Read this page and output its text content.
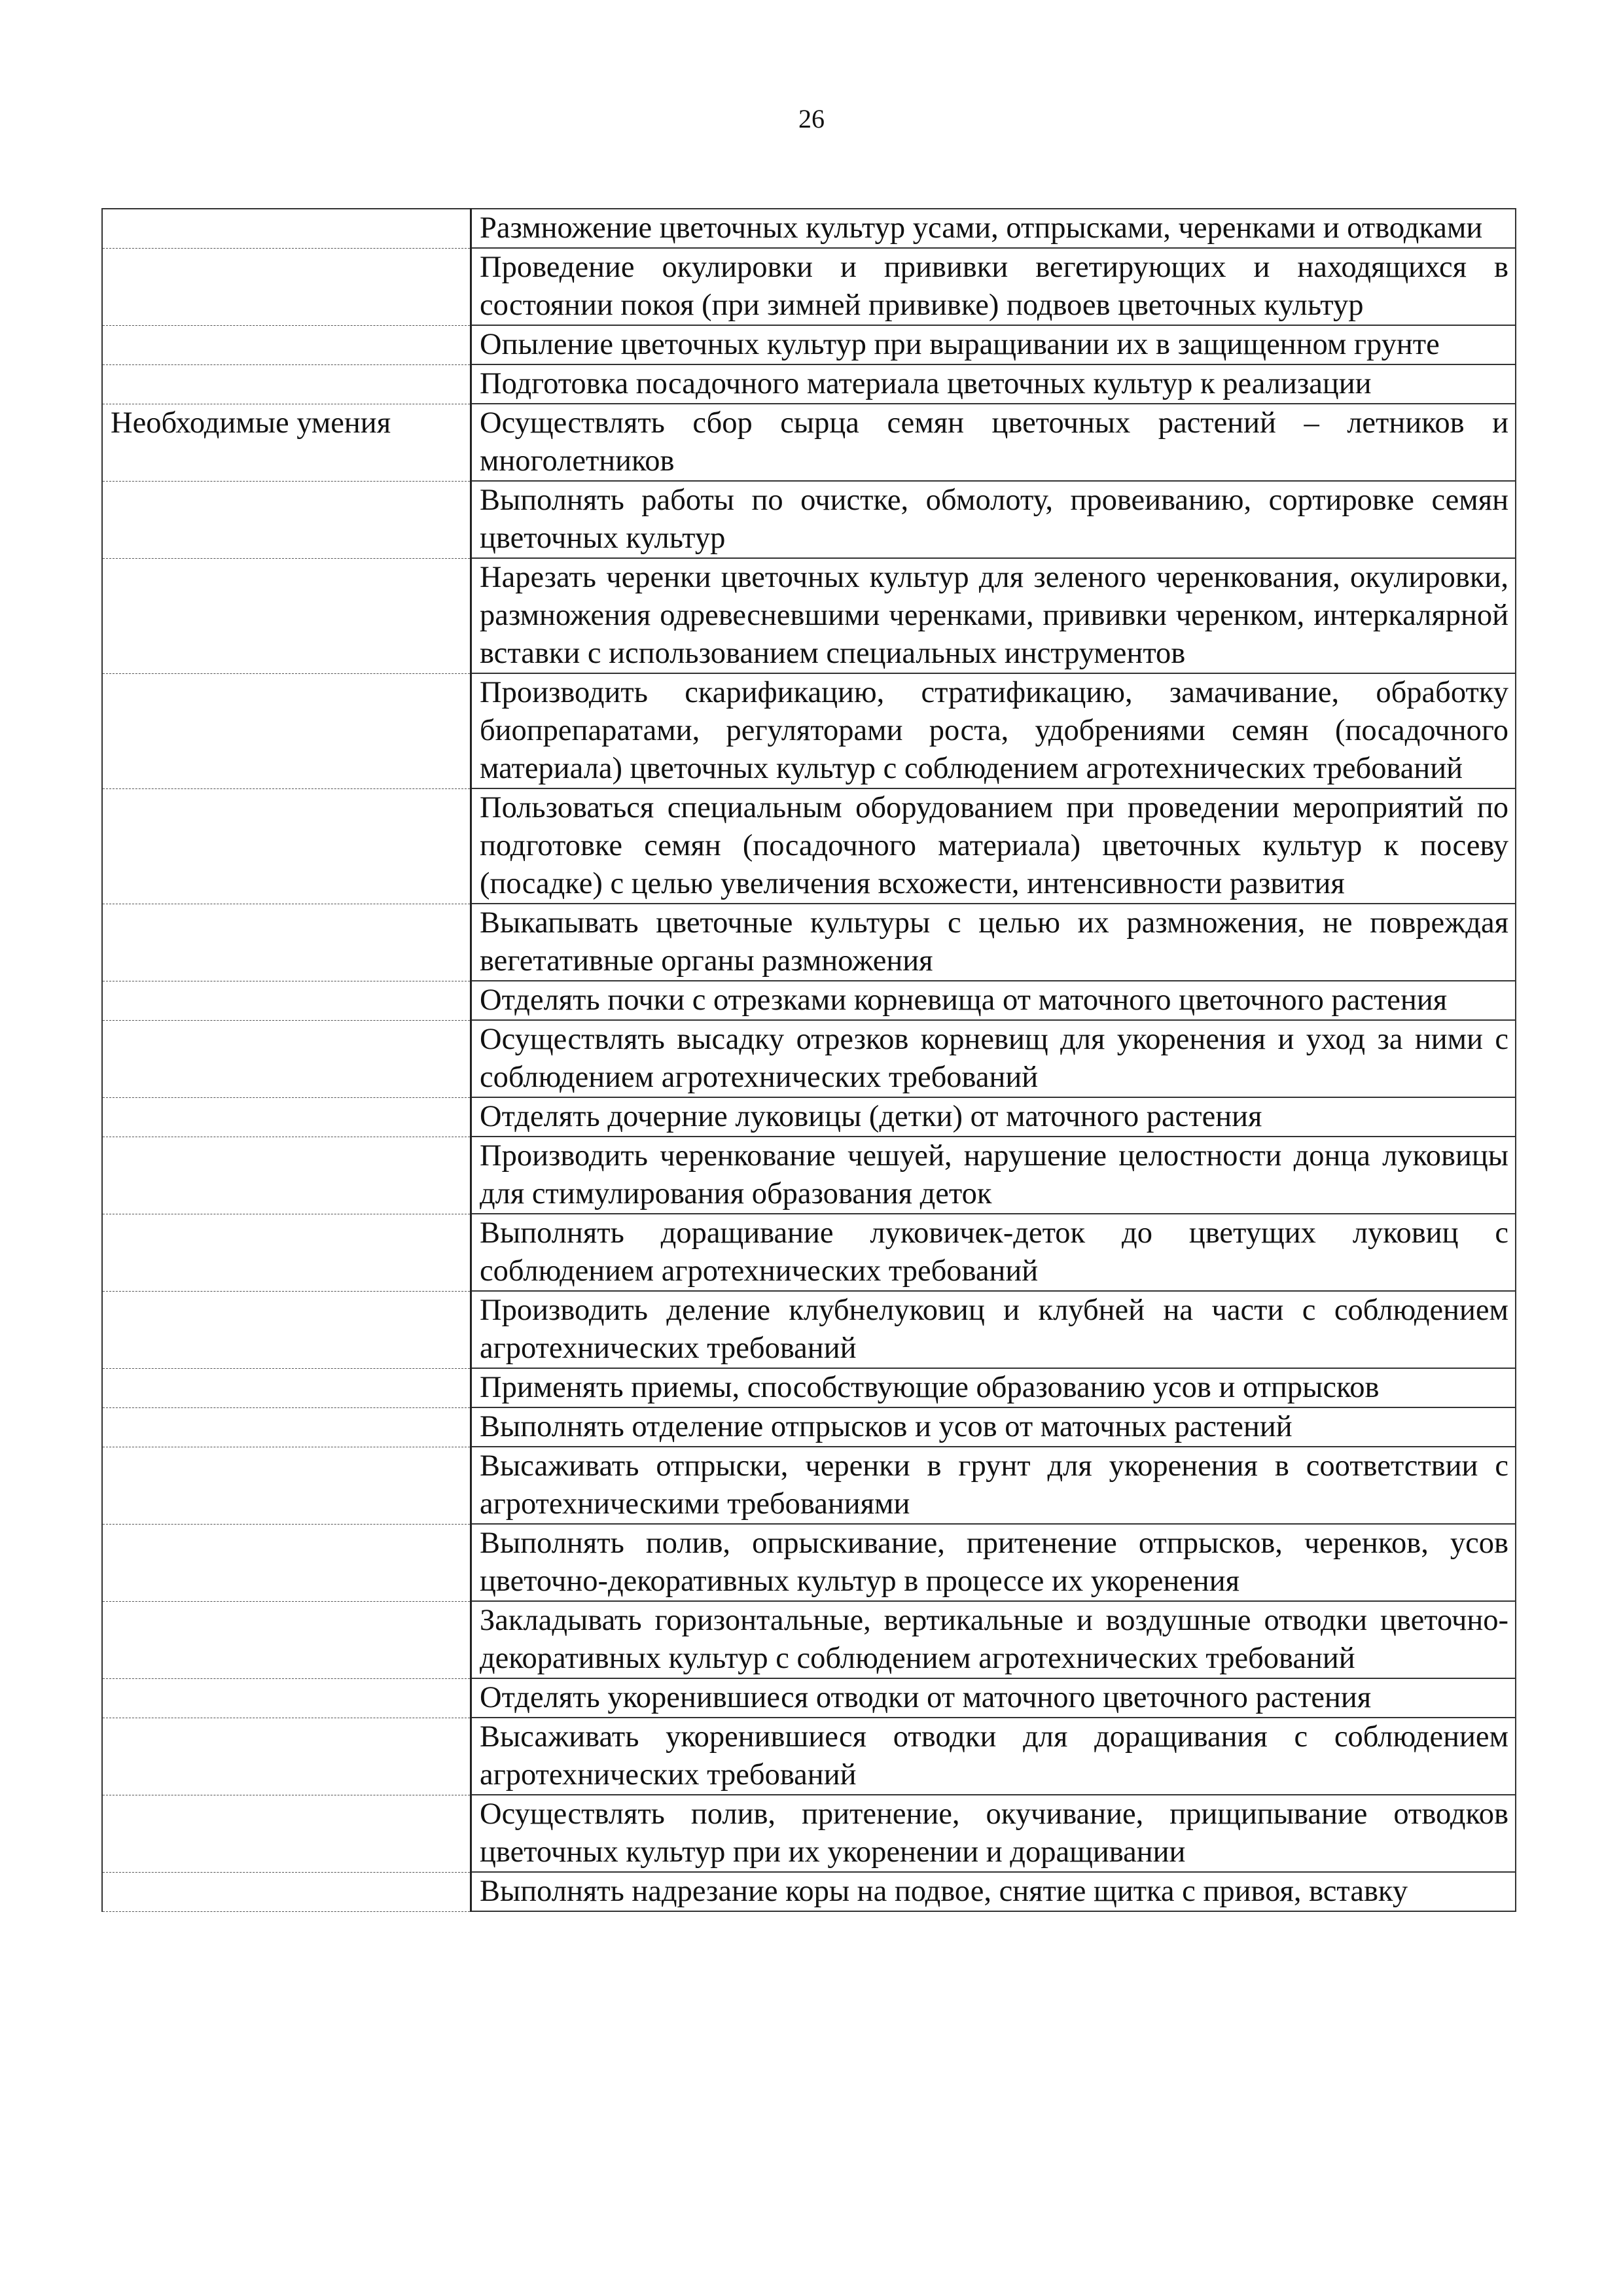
26
	Размножение цветочных культур усами, отпрысками, черенками и отводками

	Проведение окулировки и прививки вегетирующих и находящихся в состоянии покоя (при зимней прививке) подвоев цветочных культур

	Опыление цветочных культур при выращивании их в защищенном грунте

	Подготовка посадочного материала цветочных культур к реализации

Необходимые умения	Осуществлять сбор сырца семян цветочных растений – летников и многолетников

	Выполнять работы по очистке, обмолоту, провеиванию, сортировке семян цветочных культур

	Нарезать черенки цветочных культур для зеленого черенкования, окулировки, размножения одревесневшими черенками, прививки черенком, интеркалярной вставки с использованием специальных инструментов

	Производить скарификацию, стратификацию, замачивание, обработку биопрепаратами, регуляторами роста, удобрениями семян (посадочного материала) цветочных культур с соблюдением агротехнических требований

	Пользоваться специальным оборудованием при проведении мероприятий по подготовке семян (посадочного материала) цветочных культур к посеву (посадке) с целью увеличения всхожести, интенсивности развития

	Выкапывать цветочные культуры с целью их размножения, не повреждая вегетативные органы размножения

	Отделять почки с отрезками корневища от маточного цветочного растения

	Осуществлять высадку отрезков корневищ для укоренения и уход за ними с соблюдением агротехнических требований

	Отделять дочерние луковицы (детки) от маточного растения

	Производить черенкование чешуей, нарушение целостности донца луковицы для стимулирования образования деток

	Выполнять доращивание луковичек-деток до цветущих луковиц с соблюдением агротехнических требований

	Производить деление клубнелуковиц и клубней на части с соблюдением агротехнических требований

	Применять приемы, способствующие образованию усов и отпрысков

	Выполнять отделение отпрысков и усов от маточных растений

	Высаживать отпрыски, черенки в грунт для укоренения в соответствии с агротехническими требованиями

	Выполнять полив, опрыскивание, притенение отпрысков, черенков, усов цветочно-декоративных культур в процессе их укоренения

	Закладывать горизонтальные, вертикальные и воздушные отводки цветочно-декоративных культур с соблюдением агротехнических требований

	Отделять укоренившиеся отводки от маточного цветочного растения

	Высаживать укоренившиеся отводки для доращивания с соблюдением агротехнических требований

	Осуществлять полив, притенение, окучивание, прищипывание отводков цветочных культур при их укоренении и доращивании

	Выполнять надрезание коры на подвое, снятие щитка с привоя, вставку
